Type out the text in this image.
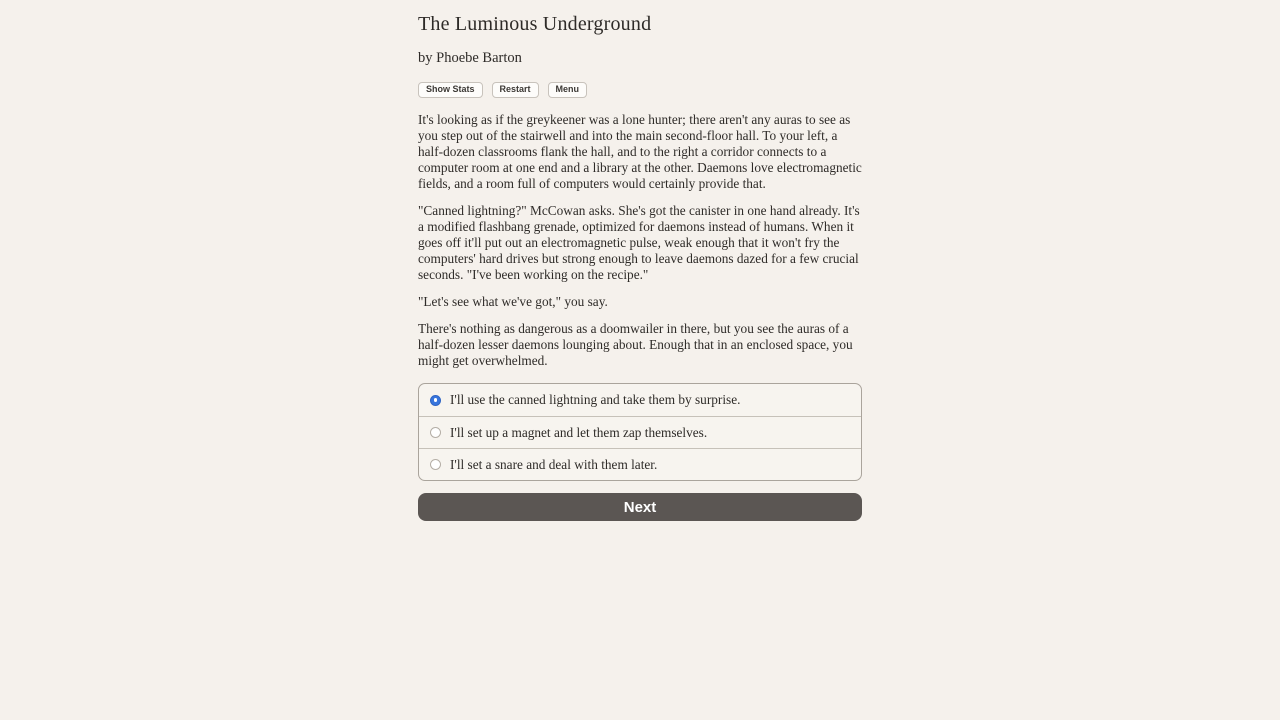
The Luminous Underground
by Phoebe Barton
Show Stats	Restart	Menu

It's looking as if the greykeener was a lone hunter; there aren't any auras to see as you step out of the stairwell and into the main second-floor hall. To your left, a half-dozen classrooms flank the hall, and to the right a corridor connects to a computer room at one end and a library at the other. Daemons love electromagnetic fields, and a room full of computers would certainly provide that.

"Canned lightning?" McCowan asks. She's got the canister in one hand already. It's a modified flashbang grenade, optimized for daemons instead of humans. When it goes off it'll put out an electromagnetic pulse, weak enough that it won't fry the computers' hard drives but strong enough to leave daemons dazed for a few crucial seconds. "I've been working on the recipe."

"Let's see what we've got," you say.

There's nothing as dangerous as a doomwailer in there, but you see the auras of a half-dozen lesser daemons lounging about. Enough that in an enclosed space, you might get overwhelmed.

I'll use the canned lightning and take them by surprise.
I'll set up a magnet and let them zap themselves.
I'll set a snare and deal with them later.
Next
